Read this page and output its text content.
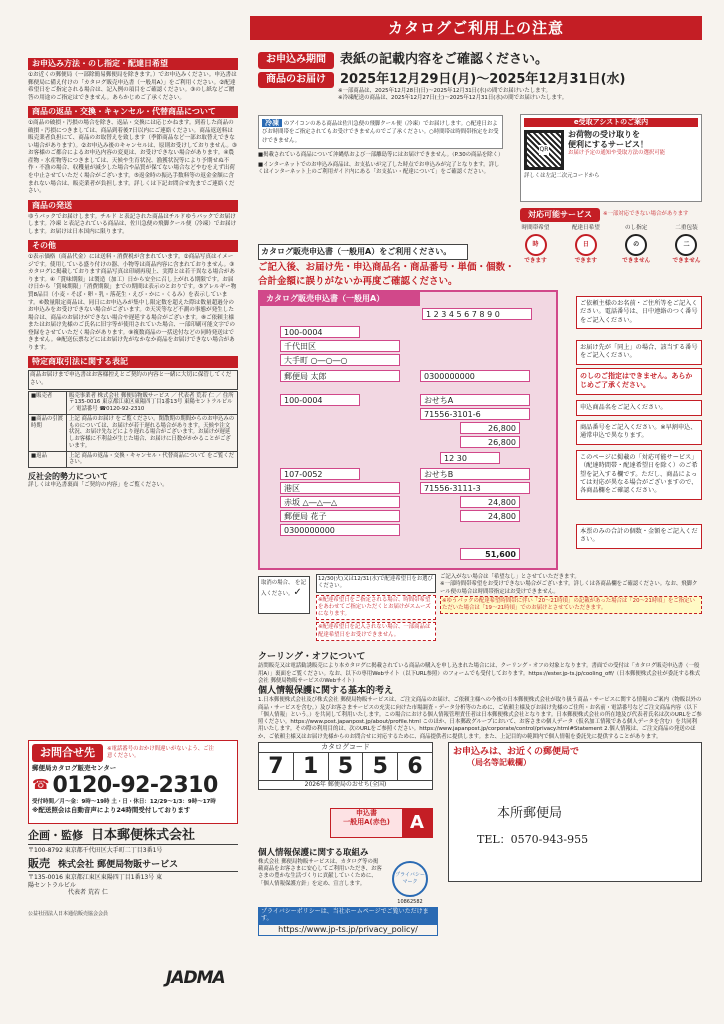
カタログご利用上の注意
お申込み方法・のし指定・配達日希望

①お近くの郵便局（一部除簡易郵便局を除きます。）でお申込みください。申込書は郵便局に備え付けの「カタログ販売申込書（一般用A）」をご利用ください。②配達希望日をご指定される場合は、記入例の項目をご確認ください。③のし紙などご贈答の用途のご指定はできません。あらかじめご了承ください。

商品の返品・交換・キャンセル・代替商品について

①商品の破損・汚損の場合を除き、返品・交換には応じかねます。到着した商品の破損・汚損につきましては、商品到着後7日以内にご連絡ください。商品返送料は販売業者負担にて、商品のお取替えを致します（季節商品など一部お取替えできない場合があります）。②お申込み後のキャンセルは、原則お受けしておりません。③お客様のご都合によるお申込内容の変更は、お受けできない場合があります。④農産物・水産物等につきましては、天候や生育状況、漁獲状況等により予期せぬ不作・不漁の場合、収穫量が減少した場合や品質が保てない場合などやむをえず出荷を中止させていただく場合がございます。⑤返金時の振込手数料等の返金金額に含まれない場合は、販売業者が負担します。詳しくは下記お問合せ先までご連絡ください。

商品の発送

ゆうパックでお届けします。チルド と表記された商品はチルドゆうパックでお届けします。冷凍 と表記されている商品は、佐川急便の飛脚クール便（冷凍）でお届けします。お届けは日本国内に限ります。

その他

①表示価格（商品代金）には送料・消費税が含まれています。②商品写真はイメージです。使用している盛り付けの器、小物等は商品内容に含まれておりません。③カタログに掲載しております商品写真は印刷再現上、実際とは若干異なる場合があります。④「賞味期限」は製造（加工）日から安全に召し上がれる期限です。お届け日から「賞味期限」「消費期限」までの期間は表示のとおりです。⑤アレルギー物質8品目（小麦・そば・卵・乳・落花生・えび・かに・くるみ）を表示しています。⑥数量限定商品は、同日にお申込みが集中し限定数を超えた際は数量超過分のお申込みをお受けできない場合がございます。⑦天災等など不測の事態が発生した場合は、商品のお届けができない場合や遅延する場合がございます。⑧ご依頼主様またはお届け先様のご氏名に旧字等が使用されていた場合、一部印刷可能文字での登録をさせていただく場合があります。⑨複数商品の一括送付などの同時発送はできません。⑩配送伝票などにはお届け先がなかなか商品をお届けできない場合があります。

特定商取引法に関する表記

商品お届けまで申込書はお客様控えとご契約の内容と一緒に大切に保管してください。

■販売者	販売事業者 株式会社 郵便局物販サービス ／ 代表者 荒若 仁 ／ 住所 〒135-0016 東京都江東区東陽四丁目1番13号 東陽セントラルビル ／ 電話番号 ☎0120-92-2310
■商品の引渡時期	上記 商品のお届け をご覧ください。閑散期の期間からのお申込みのものについては、お届けが若干遅れる場合があります。天候や注文状況、お届け先などにより遅れる場合がございます。お届けが遅延しお客様に不利益が生じた場合、お届けに日数がかかることがございます。
■返品	上記 商品の返品・交換・キャンセル・代替商品について をご覧ください。
反社会的勢力について

詳しくは申込書裏面「ご契約の内容」をご覧ください。

お問合せ先	※電話番号のおかけ間違いがないよう、ご注意ください。
郵便局カタログ販売センター
☎ 0120-92-2310
受付時間／月〜金：9時〜19時 土・日・休日：12/29〜1/3：9時〜17時
※配送照会は自動音声により24時間受付しております
企画・監修 日本郵便株式会社
〒100-8792 東京都千代田区大手町二丁目3番1号
販売 株式会社 郵便局物販サービス
〒135-0016 東京都江東区東陽四丁目1番13号 東陽セントラルビル
代表者 荒若 仁
JADMA
公益社団法人日本通信販売協会会員
お申込み期間	表紙の記載内容をご確認ください。
商品のお届け	2025年12月29日(月)〜2025年12月31日(水)
※一部商品は、2025年12月28日(日)〜2025年12月31日(水)の間でお届けいたします。
※冷凍配送の商品は、2025年12月27日(土)〜2025年12月31日(水)の間でお届けいたします。
冷凍 のアイコンのある商品は佐川急便の飛脚クール便（冷凍）でお届けします。○配達日およびお時間帯をご指定されてもお受けできませんのでご了承ください。○時間帯は時間帯指定をお受けできません。

■掲載されている商品について沖縄県および一部離島等にはお届けできません。（P.30の商品を除く）

■インターネットでのお申込み商品は、お支払いが完了した時点でお申込みが完了となります。詳しくはインターネット上のご利用ガイド内にある「お支払い・配達について」をご確認ください。

e受取アシストのご案内
QR
お荷物の受け取りを
便利にするサービス！
お届け予定の通知や受取方法の選択可能
詳しくは左記二次元コードから
対応可能サービス	※一部対応できない場合があります
時間帯希望
時
できます
配達日希望
日
できます
のし指定
の
できません
二重包装
二
できません
カタログ販売申込書（一般用A）をご利用ください。
ご記入後、お届け先・申込商品名・商品番号・単価・個数・
合計金額に誤りがないか再度ご確認ください。
カタログ販売申込書（一般用A）
1 2 3 4 5 6 7 8 9 0
100-0004
千代田区
大手町 ○―○―○
郵便局 太郎	0300000000
100-0004	おせちA
71556-3101-6
26,800
26,800
12 30
107-0052
港区
赤坂 △―△―△
郵便局 花子
0300000000
おせちB
71556-3111-3
24,800
24,800
51,600
取消の場合、 を記入ください。✓
12/30(火)又は12/31(水)で配達希望日をお選びください。
※配達希望日をご指定される場合、時間帯希望をあわせてご指定いただくとお届けがスムーズになります。
※配達希望日を記入されない場合、一部商品は配達希望日をお受けできません。
ご記入がない場合は「希望なし」とさせていただきます。
※一部時間帯希望をお受けできない場合がございます。詳しくは各商品欄をご確認ください。なお、飛脚クール便の場合は時間帯指定はお受けできません。
※ゆうパックの配達希望時間帯に伴い「20〜21時頃」の記載があった場合は「20〜21時頃」をご指定いただいた場合は「19〜21時頃」でのお届けとさせていただきます。
ご依頼主様のお名前・ご住所等をご記入ください。電話番号は、日中連絡のつく番号をご記入ください。
お届け先が「同上」の場合、該当する番号をご記入ください。
のしのご指定はできません。あらかじめご了承ください。
申込商品名をご記入ください。
商品番号をご記入ください。※早割申込、通常申込で異なります。
このページに掲載の「対応可能サービス」（配達時間帯・配達希望日を除く）のご希望を記入する欄です。ただし、商品によっては対応が異なる場合がございますので、各商品欄をご確認ください。
本票のみの合計の個数・金額をご記入ください。
クーリング・オフについて

訪問販売又は電話勧誘販売により本カタログに掲載されている商品の購入を申し込まれた場合には、クーリング・オフの対象となります。書面での受付は「カタログ販売申込書（一般用A）」裏面をご覧ください。なお、以下の専用Webサイト（以下URL参照）のフォームでも受付しております。https://ester.jp-ts.jp/cooling_off/（日本郵便株式会社が委託する株式会社 郵便局物販サービスのWebサイト）

個人情報保護に関する基本的考え

1.日本郵便株式会社及び株式会社 郵便局物販サービスは、ご注文商品のお届け、ご依頼主様への今後の日本郵便株式会社が取り扱う商品・サービスに関する情報のご案内（物販以外の商品・サービスを含む。）及びお客さまサービスの充実に向けた市場調査・データ分析等のために、ご依頼主様及びお届け先様のご住所・お名前・電話番号などご注文商品内容（以下「個人情報」という。）を共同して利用いたします。この場合における個人情報管理責任者は日本郵便株式会社となります。日本郵便株式会社の所在地及び代表者氏名は次のURLをご参照ください。https://www.post.japanpost.jp/about/profile.html このほか、日本郵政グループにおいて、お客さまの個人データ（仮名加工情報である個人データを含む）を共同利用いたします。その際の利用目的は、次のURLをご参照ください。https://www.japanpost.jp/corporate/control/privacy.html#Statement 2.個人情報は、ご注文商品の発送のほか、ご依頼主様又はお届け先様からのお問合せに対応するために、商品提供者に提供します。また、上記目的の範囲内で個人情報を委託先に提供することがあります。

カタログコード
7 1 5 5 6
2026年 郵便局のおせち(全国)
申込書
一般用A(赤色)	A
お申込みは、お近くの郵便局で
（局名等記載欄）
本所郵便局
TEL：0570-943-955
個人情報保護に関する取組み

株式会社 郵便局物販サービスは、カタログ等の掲載商品をお客さまに安心してご利用いただき、お客さまの豊かな生活づくりに貢献していくために、「個人情報保護方針」を定め、宣言します。

プライバシーマーク
10862582
プライバシーポリシーは、当社ホームページでご覧いただけます。
https://www.jp-ts.jp/privacy_policy/
